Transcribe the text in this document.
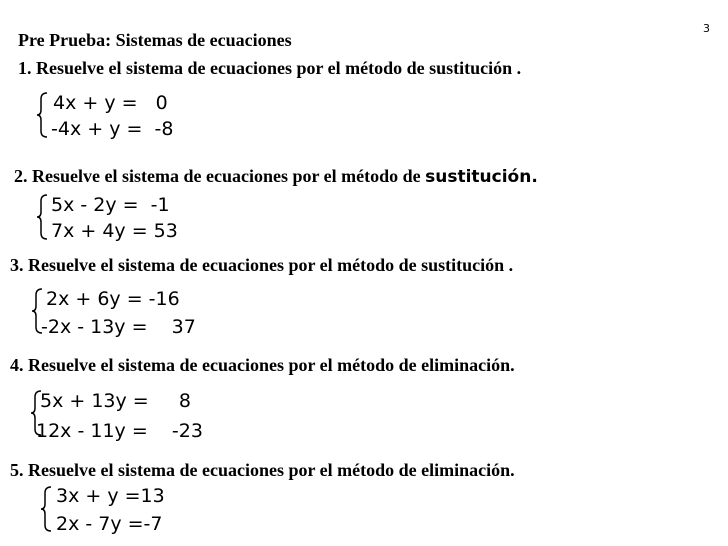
3
Pre Prueba: Sistemas de ecuaciones
1. Resuelve el sistema de ecuaciones por el método de sustitución .
4x + y =   0
-4x + y =  -8
2. Resuelve el sistema de ecuaciones por el método de sustitución.
5x - 2y =  -1
7x + 4y = 53
3. Resuelve el sistema de ecuaciones por el método de sustitución .
2x + 6y = -16
-2x - 13y =    37
4. Resuelve el sistema de ecuaciones por el método de eliminación.
5x + 13y =     8
12x - 11y =    -23
5. Resuelve el sistema de ecuaciones por el método de eliminación.
3x + y =13
2x - 7y =-7
